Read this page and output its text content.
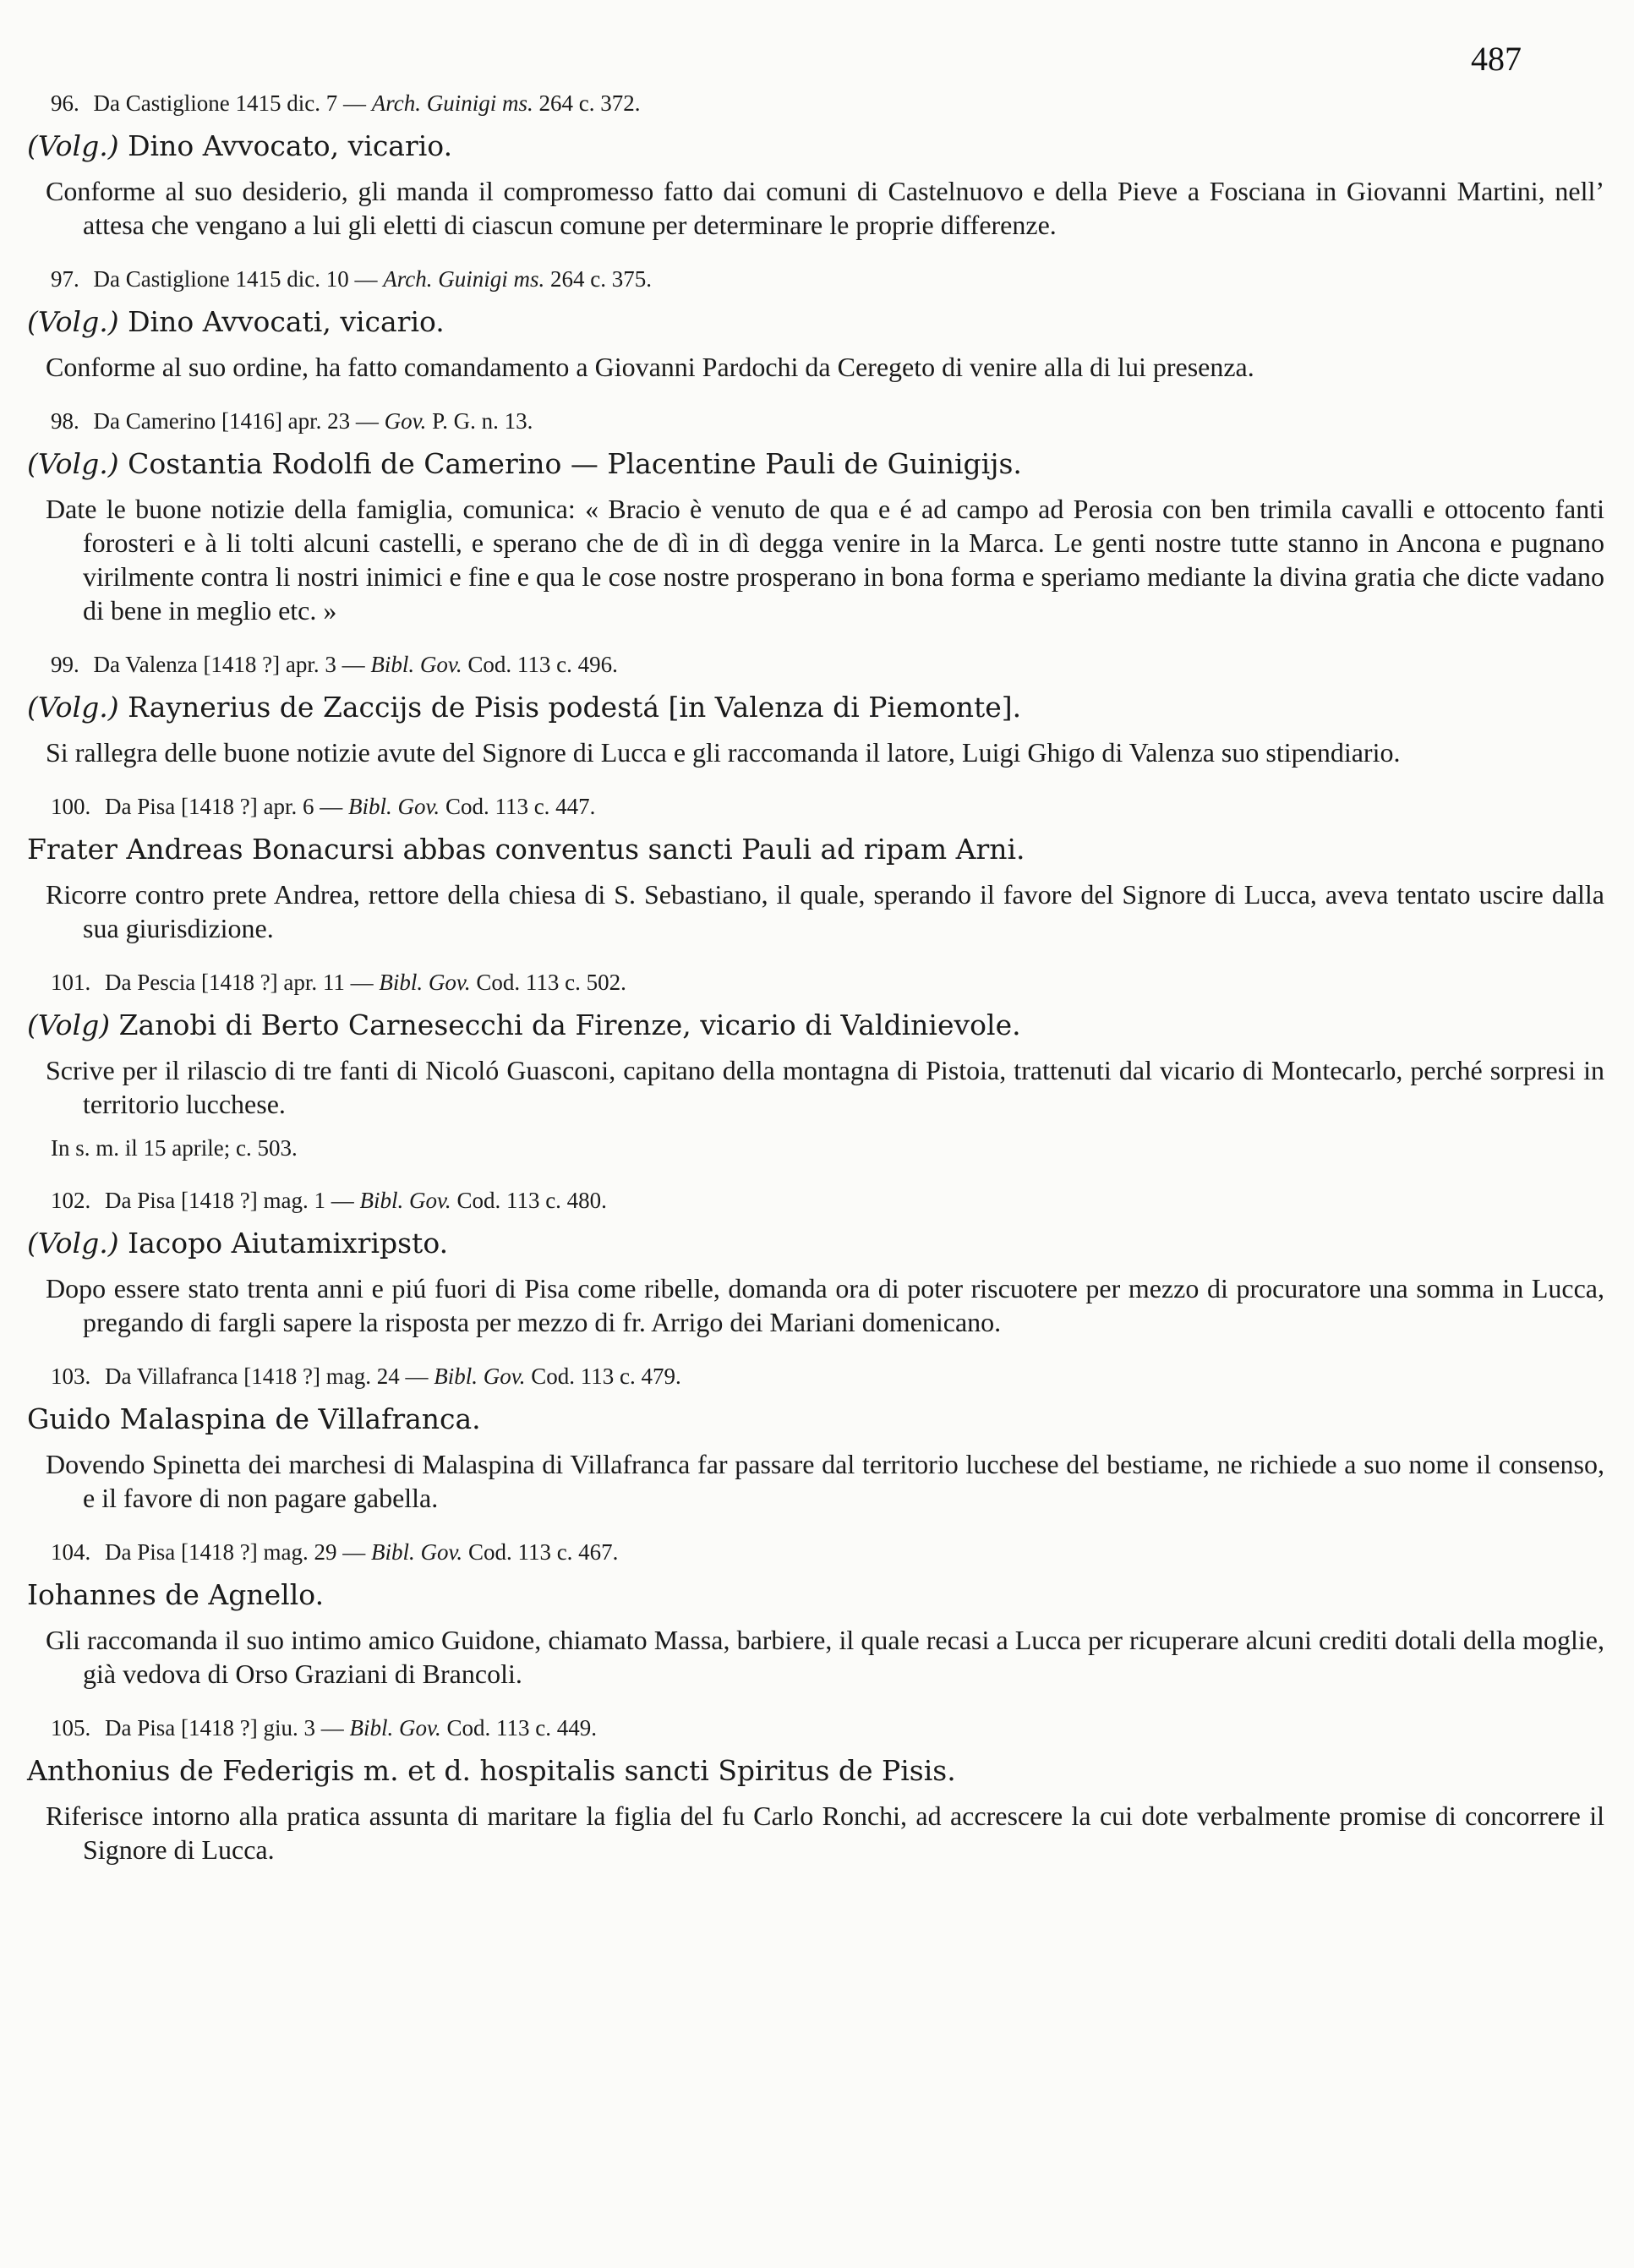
487
96. Da Castiglione 1415 dic. 7 — Arch. Guinigi ms. 264 c. 372.
(Volg.) Dino Avvocato, vicario.
Conforme al suo desiderio, gli manda il compromesso fatto dai comuni di Castelnuovo e della Pieve a Fosciana in Giovanni Martini, nell’ attesa che vengano a lui gli eletti di ciascun comune per determinare le proprie differenze.
97. Da Castiglione 1415 dic. 10 — Arch. Guinigi ms. 264 c. 375.
(Volg.) Dino Avvocati, vicario.
Conforme al suo ordine, ha fatto comandamento a Giovanni Pardochi da Ceregeto di venire alla di lui presenza.
98. Da Camerino [1416] apr. 23 — Gov. P. G. n. 13.
(Volg.) Costantia Rodolfi de Camerino — Placentine Pauli de Guinigijs.
Date le buone notizie della famiglia, comunica: « Bracio è venuto de qua e é ad campo ad Perosia con ben trimila cavalli e ottocento fanti forosteri e à li tolti alcuni castelli, e sperano che de dì in dì degga venire in la Marca. Le genti nostre tutte stanno in Ancona e pugnano virilmente contra li nostri inimici e fine e qua le cose nostre prosperano in bona forma e speriamo mediante la divina gratia che dicte vadano di bene in meglio etc. »
99. Da Valenza [1418 ?] apr. 3 — Bibl. Gov. Cod. 113 c. 496.
(Volg.) Raynerius de Zaccijs de Pisis podestá [in Valenza di Piemonte].
Si rallegra delle buone notizie avute del Signore di Lucca e gli raccomanda il latore, Luigi Ghigo di Valenza suo stipendiario.
100. Da Pisa [1418 ?] apr. 6 — Bibl. Gov. Cod. 113 c. 447.
Frater Andreas Bonacursi abbas conventus sancti Pauli ad ripam Arni.
Ricorre contro prete Andrea, rettore della chiesa di S. Sebastiano, il quale, sperando il favore del Signore di Lucca, aveva tentato uscire dalla sua giurisdizione.
101. Da Pescia [1418 ?] apr. 11 — Bibl. Gov. Cod. 113 c. 502.
(Volg) Zanobi di Berto Carnesecchi da Firenze, vicario di Valdinievole.
Scrive per il rilascio di tre fanti di Nicoló Guasconi, capitano della montagna di Pistoia, trattenuti dal vicario di Montecarlo, perché sorpresi in territorio lucchese.
In s. m. il 15 aprile; c. 503.
102. Da Pisa [1418 ?] mag. 1 — Bibl. Gov. Cod. 113 c. 480.
(Volg.) Iacopo Aiutamixripsto.
Dopo essere stato trenta anni e piú fuori di Pisa come ribelle, domanda ora di poter riscuotere per mezzo di procuratore una somma in Lucca, pregando di fargli sapere la risposta per mezzo di fr. Arrigo dei Mariani domenicano.
103. Da Villafranca [1418 ?] mag. 24 — Bibl. Gov. Cod. 113 c. 479.
Guido Malaspina de Villafranca.
Dovendo Spinetta dei marchesi di Malaspina di Villafranca far passare dal territorio lucchese del bestiame, ne richiede a suo nome il consenso, e il favore di non pagare gabella.
104. Da Pisa [1418 ?] mag. 29 — Bibl. Gov. Cod. 113 c. 467.
Iohannes de Agnello.
Gli raccomanda il suo intimo amico Guidone, chiamato Massa, barbiere, il quale recasi a Lucca per ricuperare alcuni crediti dotali della moglie, già vedova di Orso Graziani di Brancoli.
105. Da Pisa [1418 ?] giu. 3 — Bibl. Gov. Cod. 113 c. 449.
Anthonius de Federigis m. et d. hospitalis sancti Spiritus de Pisis.
Riferisce intorno alla pratica assunta di maritare la figlia del fu Carlo Ronchi, ad accrescere la cui dote verbalmente promise di concorrere il Signore di Lucca.
